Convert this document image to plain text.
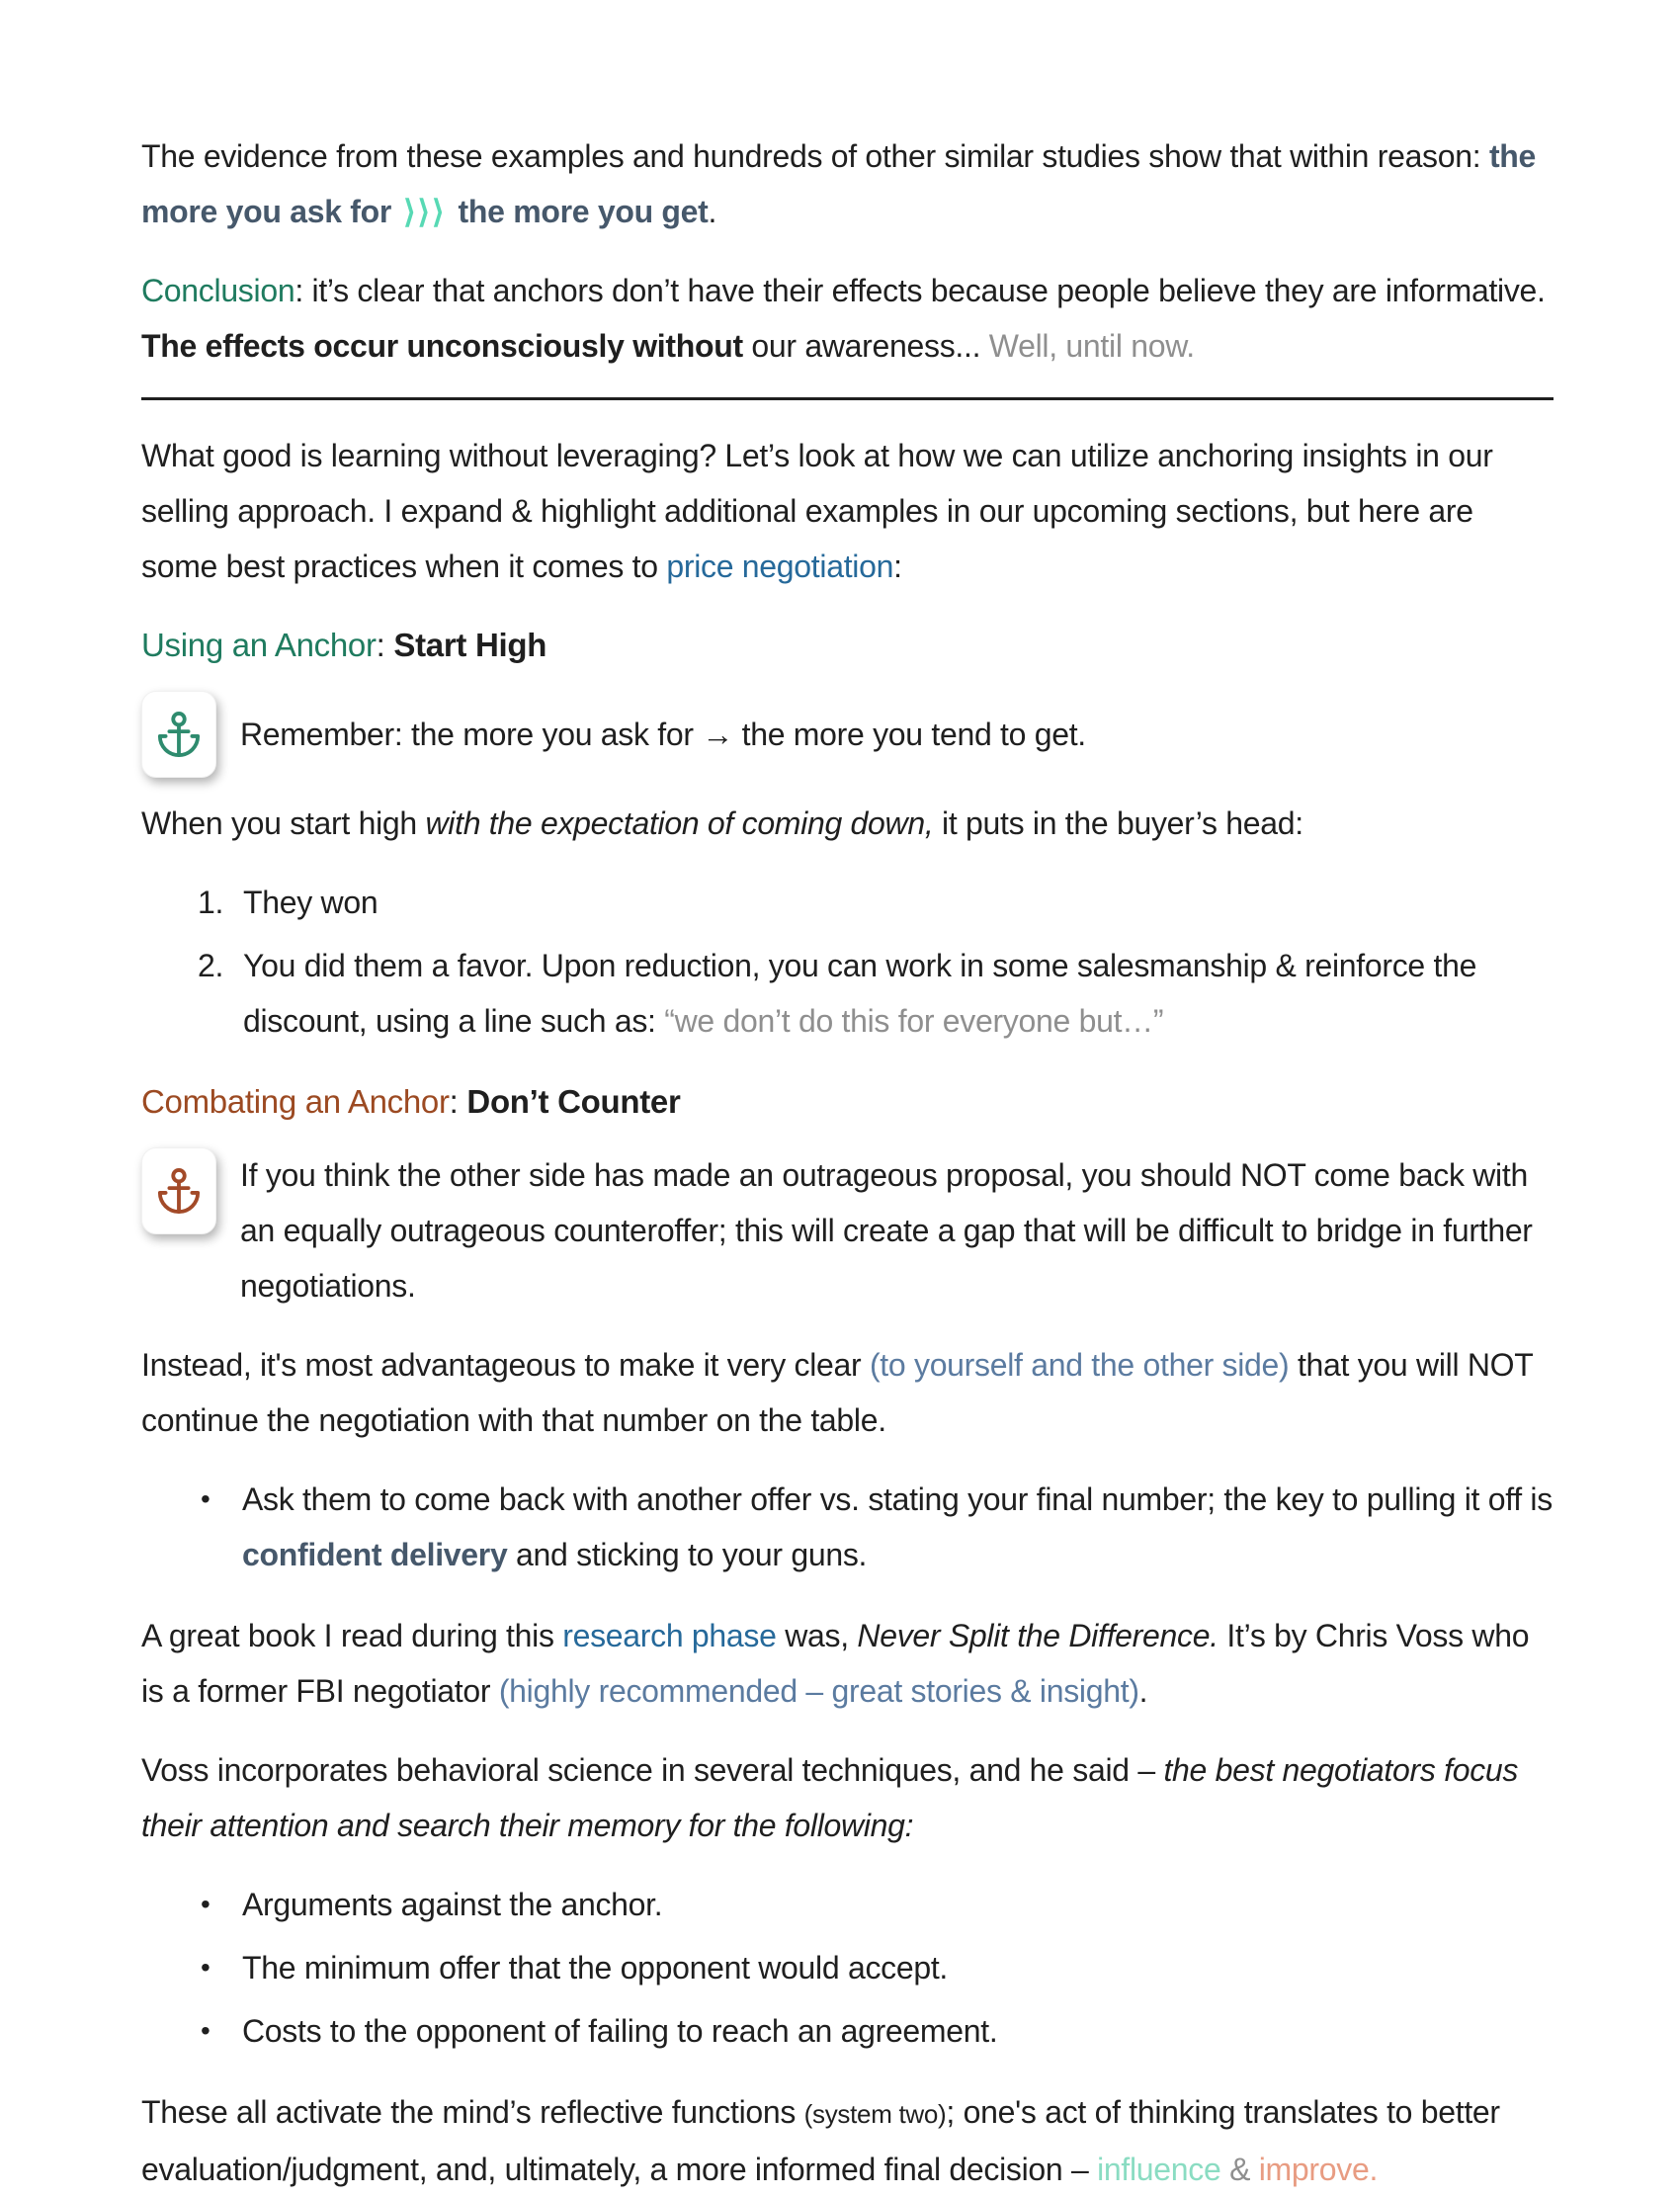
The evidence from these examples and hundreds of other similar studies show that within reason: the more you ask for ⟩⟩⟩ the more you get.

Conclusion: it’s clear that anchors don’t have their effects because people believe they are informative. The effects occur unconsciously without our awareness... Well, until now.

What good is learning without leveraging? Let’s look at how we can utilize anchoring insights in our selling approach. I expand & highlight additional examples in our upcoming sections, but here are some best practices when it comes to price negotiation:

Using an Anchor: Start High

Remember: the more you ask for → the more you tend to get.

When you start high with the expectation of coming down, it puts in the buyer’s head:

1. They won
2. You did them a favor. Upon reduction, you can work in some salesmanship & reinforce the discount, using a line such as: “we don’t do this for everyone but…”

Combating an Anchor: Don’t Counter

If you think the other side has made an outrageous proposal, you should NOT come back with an equally outrageous counteroffer; this will create a gap that will be difficult to bridge in further negotiations.

Instead, it's most advantageous to make it very clear (to yourself and the other side) that you will NOT continue the negotiation with that number on the table.

•	Ask them to come back with another offer vs. stating your final number; the key to pulling it off is confident delivery and sticking to your guns.

A great book I read during this research phase was, Never Split the Difference. It’s by Chris Voss who is a former FBI negotiator (highly recommended – great stories & insight).

Voss incorporates behavioral science in several techniques, and he said – the best negotiators focus their attention and search their memory for the following:

•	Arguments against the anchor.
•	The minimum offer that the opponent would accept.
•	Costs to the opponent of failing to reach an agreement.

These all activate the mind’s reflective functions (system two); one's act of thinking translates to better evaluation/judgment, and, ultimately, a more informed final decision – influence & improve.
